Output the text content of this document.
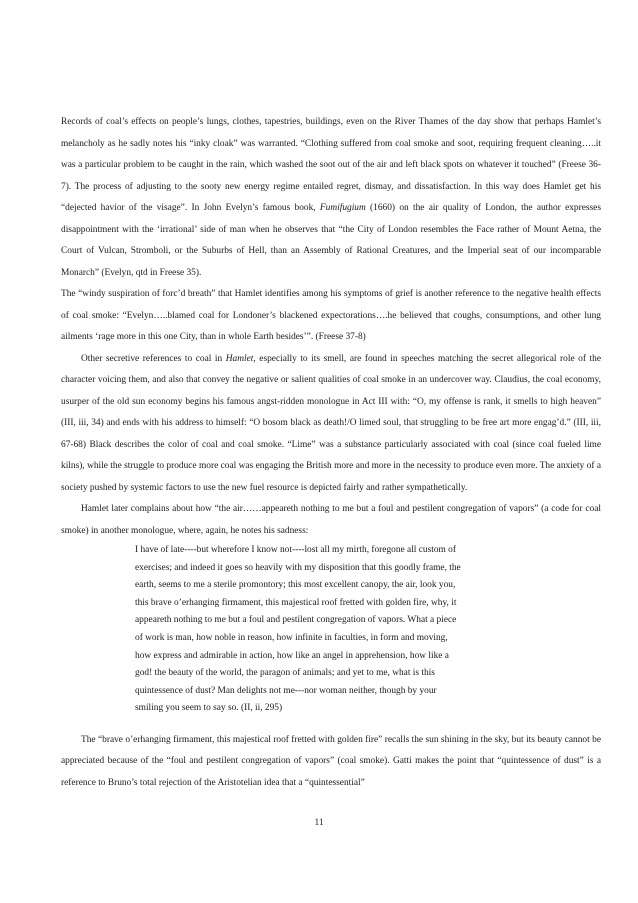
Records of coal’s effects on people’s lungs, clothes, tapestries, buildings, even on the River Thames of the day show that perhaps Hamlet’s melancholy as he sadly notes his “inky cloak” was warranted. “Clothing suffered from coal smoke and soot, requiring frequent cleaning…..it was a particular problem to be caught in the rain, which washed the soot out of the air and left black spots on whatever it touched” (Freese 36-7). The process of adjusting to the sooty new energy regime entailed regret, dismay, and dissatisfaction. In this way does Hamlet get his “dejected havior of the visage”. In John Evelyn’s famous book, Fumifugium (1660) on the air quality of London, the author expresses disappointment with the ‘irrational’ side of man when he observes that “the City of London resembles the Face rather of Mount Aetna, the Court of Vulcan, Stromboli, or the Suburbs of Hell, than an Assembly of Rational Creatures, and the Imperial seat of our incomparable Monarch” (Evelyn, qtd in Freese 35).

The “windy suspiration of forc’d breath” that Hamlet identifies among his symptoms of grief is another reference to the negative health effects of coal smoke: “Evelyn…..blamed coal for Londoner’s blackened expectorations….he believed that coughs, consumptions, and other lung ailments ‘rage more in this one City, than in whole Earth besides’”. (Freese 37-8)

Other secretive references to coal in Hamlet, especially to its smell, are found in speeches matching the secret allegorical role of the character voicing them, and also that convey the negative or salient qualities of coal smoke in an undercover way. Claudius, the coal economy, usurper of the old sun economy begins his famous angst-ridden monologue in Act III with: “O, my offense is rank, it smells to high heaven” (III, iii, 34) and ends with his address to himself: “O bosom black as death!/O limed soul, that struggling to be free art more engag’d.” (III, iii, 67-68) Black describes the color of coal and coal smoke. “Lime” was a substance particularly associated with coal (since coal fueled lime kilns), while the struggle to produce more coal was engaging the British more and more in the necessity to produce even more. The anxiety of a society pushed by systemic factors to use the new fuel resource is depicted fairly and rather sympathetically.

Hamlet later complains about how “the air……appeareth nothing to me but a foul and pestilent congregation of vapors” (a code for coal smoke) in another monologue, where, again, he notes his sadness:

I have of late----but wherefore I know not----lost all my mirth, foregone all custom of
exercises; and indeed it goes so heavily with my disposition that this goodly frame, the
earth, seems to me a sterile promontory; this most excellent canopy, the air, look you,
this brave o’erhanging firmament, this majestical roof fretted with golden fire, why, it
appeareth nothing to me but a foul and pestilent congregation of vapors. What a piece
of work is man, how noble in reason, how infinite in faculties, in form and moving,
how express and admirable in action, how like an angel in apprehension, how like a
god! the beauty of the world, the paragon of animals; and yet to me, what is this
quintessence of dust? Man delights not me---nor woman neither, though by your
smiling you seem to say so. (II, ii, 295)

The “brave o’erhanging firmament, this majestical roof fretted with golden fire” recalls the sun shining in the sky, but its beauty cannot be appreciated because of the “foul and pestilent congregation of vapors” (coal smoke). Gatti makes the point that “quintessence of dust” is a reference to Bruno’s total rejection of the Aristotelian idea that a “quintessential”

11
